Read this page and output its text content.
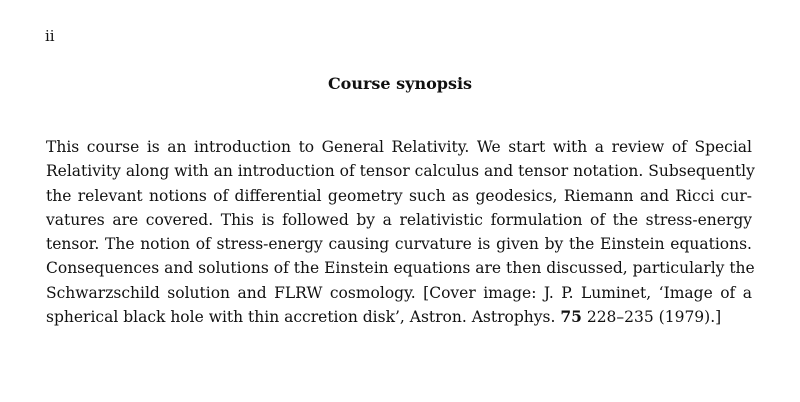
ii
Course synopsis
This course is an introduction to General Relativity. We start with a review of Special
Relativity along with an introduction of tensor calculus and tensor notation. Subsequently
the relevant notions of differential geometry such as geodesics, Riemann and Ricci cur-
vatures are covered. This is followed by a relativistic formulation of the stress-energy
tensor. The notion of stress-energy causing curvature is given by the Einstein equations.
Consequences and solutions of the Einstein equations are then discussed, particularly the
Schwarzschild solution and FLRW cosmology. [Cover image: J. P. Luminet, ‘Image of a
spherical black hole with thin accretion disk’, Astron. Astrophys. 75 228–235 (1979).]
